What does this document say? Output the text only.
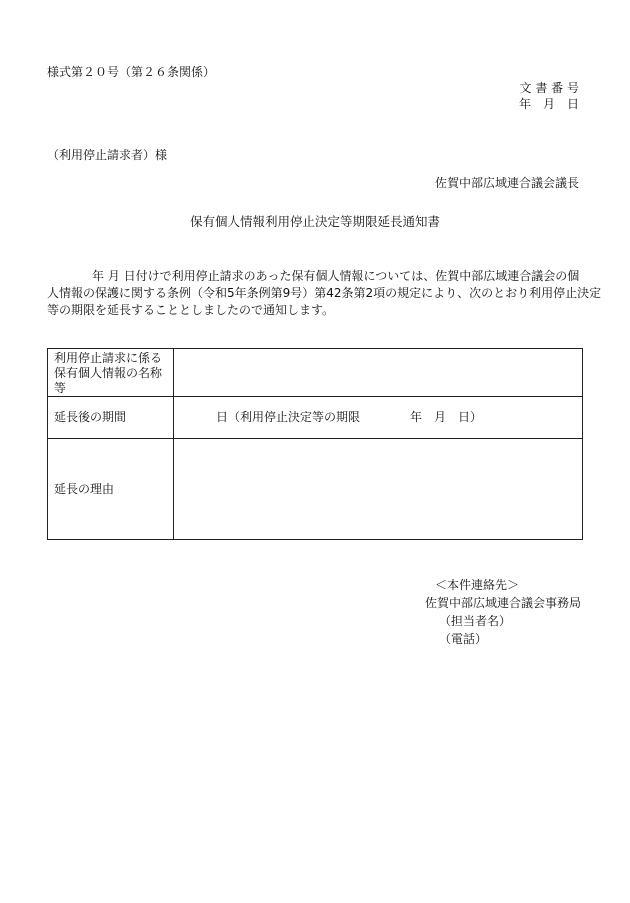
様式第２０号（第２６条関係）
文 書 番 号
年　月　日
（利用停止請求者）様
佐賀中部広域連合議会議長
保有個人情報利用停止決定等期限延長通知書
年 月 日付けで利用停止請求のあった保有個人情報については、佐賀中部広域連合議会の個
人情報の保護に関する条例（令和5年条例第9号）第42条第2項の規定により、次のとおり利用停止決定
等の期限を延長することとしましたので通知します。
利用停止請求に係る保有個人情報の名称等	
延長後の期間	日（利用停止決定等の期限 年　月　日）
延長の理由	
＜本件連絡先＞
佐賀中部広域連合議会事務局
（担当者名）
（電話）
